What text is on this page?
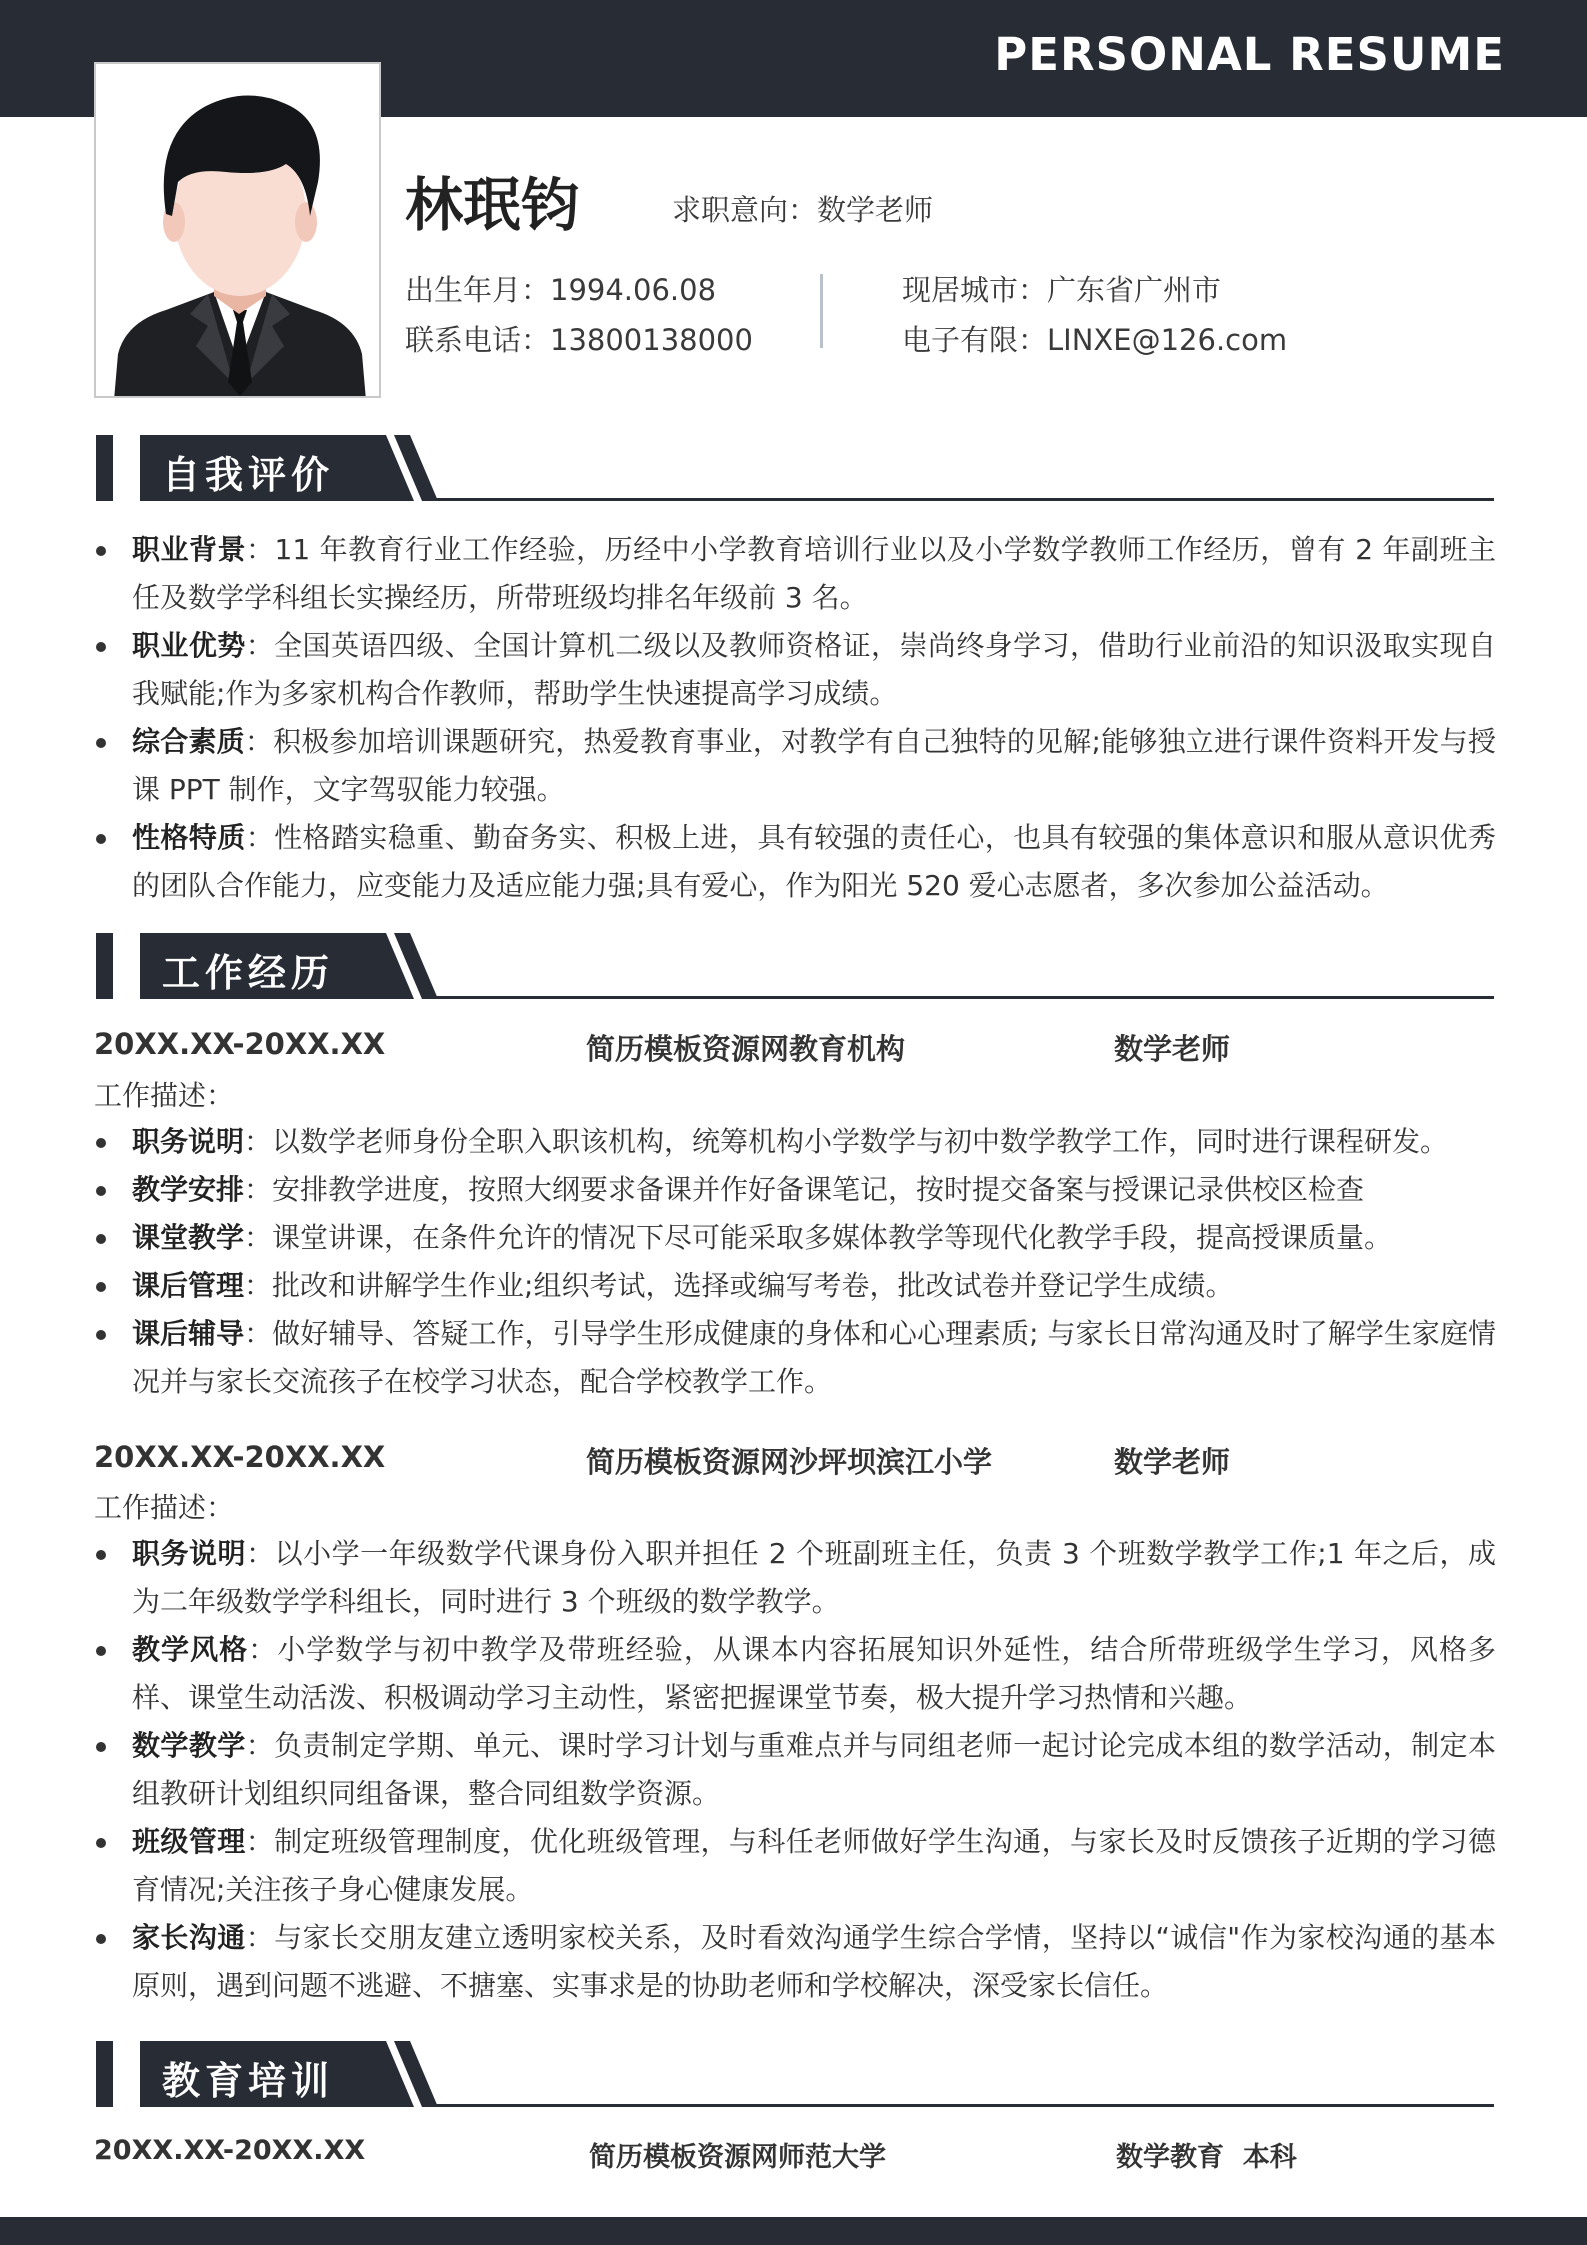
PERSONAL RESUME
林珉钧	求职意向：数学老师
出生年月：1994.06.08
联系电话：13800138000
现居城市：广东省广州市
电子有限：LINXE@126.com
自我评价
职业背景：11 年教育行业工作经验，历经中小学教育培训行业以及小学数学教师工作经历，曾有 2 年副班主任及数学学科组长实操经历，所带班级均排名年级前 3 名。
职业优势：全国英语四级、全国计算机二级以及教师资格证，崇尚终身学习，借助行业前沿的知识汲取实现自我赋能;作为多家机构合作教师，帮助学生快速提高学习成绩。
综合素质：积极参加培训课题研究，热爱教育事业，对教学有自己独特的见解;能够独立进行课件资料开发与授课 PPT 制作，文字驾驭能力较强。
性格特质：性格踏实稳重、勤奋务实、积极上进，具有较强的责任心，也具有较强的集体意识和服从意识优秀的团队合作能力，应变能力及适应能力强;具有爱心，作为阳光 520 爱心志愿者，多次参加公益活动。
工作经历
20XX.XX-20XX.XX	简历模板资源网教育机构	数学老师
工作描述：
职务说明：以数学老师身份全职入职该机构，统筹机构小学数学与初中数学教学工作，同时进行课程研发。
教学安排：安排教学进度，按照大纲要求备课并作好备课笔记，按时提交备案与授课记录供校区检查
课堂教学：课堂讲课，在条件允许的情况下尽可能采取多媒体教学等现代化教学手段，提高授课质量。
课后管理：批改和讲解学生作业;组织考试，选择或编写考卷，批改试卷并登记学生成绩。
课后辅导：做好辅导、答疑工作，引导学生形成健康的身体和心心理素质; 与家长日常沟通及时了解学生家庭情况并与家长交流孩子在校学习状态，配合学校教学工作。
20XX.XX-20XX.XX	简历模板资源网沙坪坝滨江小学	数学老师
工作描述：
职务说明：以小学一年级数学代课身份入职并担任 2 个班副班主任，负责 3 个班数学教学工作;1 年之后，成为二年级数学学科组长，同时进行 3 个班级的数学教学。
教学风格：小学数学与初中教学及带班经验，从课本内容拓展知识外延性，结合所带班级学生学习，风格多样、课堂生动活泼、积极调动学习主动性，紧密把握课堂节奏，极大提升学习热情和兴趣。
数学教学：负责制定学期、单元、课时学习计划与重难点并与同组老师一起讨论完成本组的数学活动，制定本组教研计划组织同组备课，整合同组数学资源。
班级管理：制定班级管理制度，优化班级管理，与科任老师做好学生沟通，与家长及时反馈孩子近期的学习德育情况;关注孩子身心健康发展。
家长沟通：与家长交朋友建立透明家校关系，及时看效沟通学生综合学情，坚持以“诚信"作为家校沟通的基本原则，遇到问题不逃避、不搪塞、实事求是的协助老师和学校解决，深受家长信任。
教育培训
20XX.XX-20XX.XX	简历模板资源网师范大学	数学教育  本科
